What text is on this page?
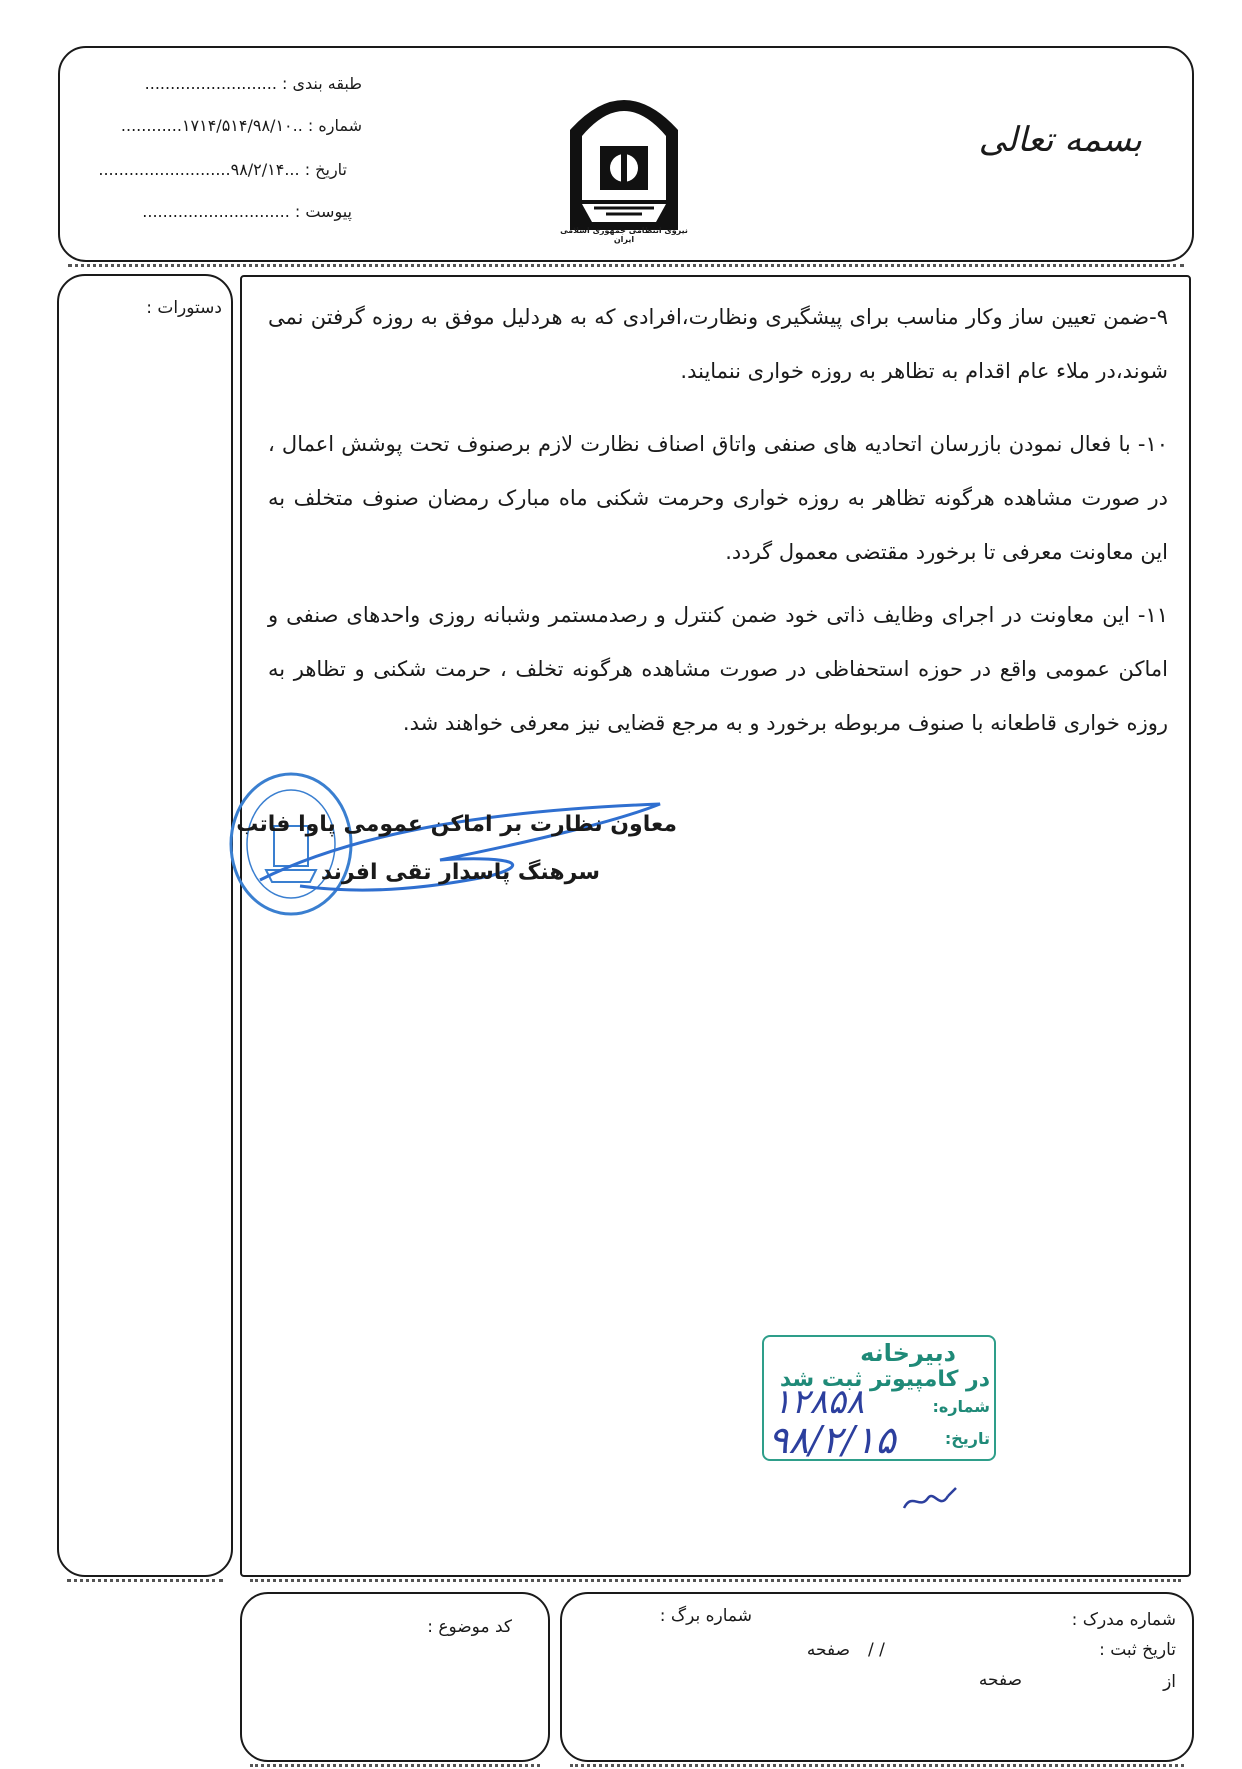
طبقه بندی : ..........................
شماره : ..۱۷۱۴/۵۱۴/۹۸/۱۰............
تاریخ : ...۹۸/۲/۱۴..........................
پیوست : .............................
نیروی انتظامی جمهوری اسلامی ایران
بسمه تعالی
دستورات : ۹-ضمن تعیین ساز وکار مناسب برای پیشگیری ونظارت،افرادی که به هردلیل موفق به روزه گرفتن نمی شوند،در ملاء عام اقدام به تظاهر به روزه خواری ننمایند.
۱۰- با فعال نمودن بازرسان اتحادیه های صنفی واتاق اصناف نظارت لازم برصنوف تحت پوشش اعمال ، در صورت مشاهده هرگونه تظاهر به روزه خواری وحرمت شکنی ماه مبارک رمضان صنوف متخلف به این معاونت معرفی تا برخورد مقتضی معمول گردد.
۱۱- این معاونت در اجرای وظایف ذاتی خود ضمن کنترل و رصدمستمر وشبانه روزی واحدهای صنفی و اماکن عمومی واقع در حوزه استحفاظی در صورت مشاهده هرگونه تخلف ، حرمت شکنی و تظاهر به روزه خواری قاطعانه با صنوف مربوطه برخورد و به مرجع قضایی نیز معرفی خواهند شد.
معاون نظارت بر اماکن عمومی پاوا فاتب
سرهنگ پاسدار تقی افرند
دبیرخانه
در کامپیوتر ثبت شد
شماره:
تاریخ:
۱۲۸۵۸
۹۸/۲/۱۵
کد موضوع :	شماره مدرک :
شماره برگ :
تاریخ ثبت :
/ /
صفحه
از
صفحه
